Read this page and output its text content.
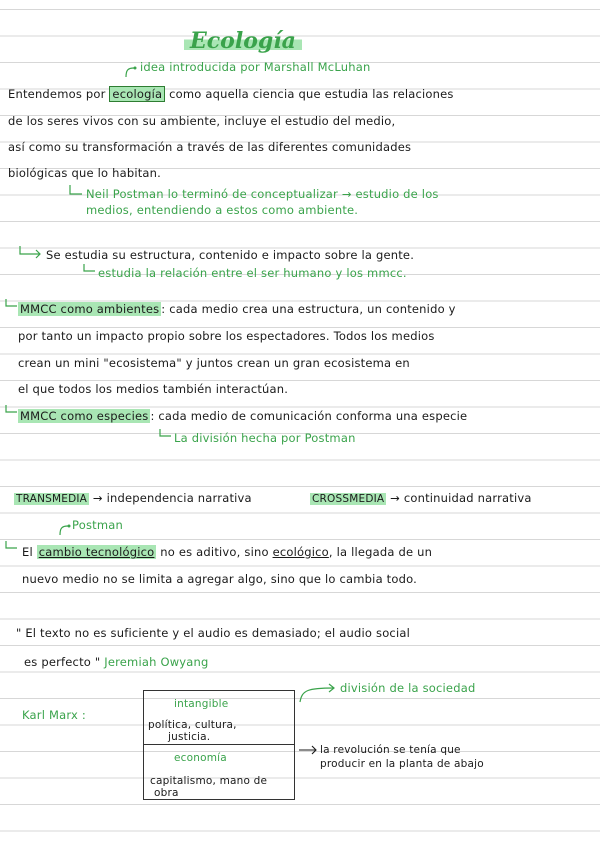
Ecología
idea introducida por Marshall McLuhan
Entendemos por ecología como aquella ciencia que estudia las relaciones
de los seres vivos con su ambiente, incluye el estudio del medio,
así como su transformación a través de las diferentes comunidades
biológicas que lo habitan.
Neil Postman lo terminó de conceptualizar → estudio de los
medios, entendiendo a estos como ambiente.
Se estudia su estructura, contenido e impacto sobre la gente.
estudia la relación entre el ser humano y los mmcc.
MMCC como ambientes : cada medio crea una estructura, un contenido y
por tanto un impacto propio sobre los espectadores. Todos los medios
crean un mini "ecosistema" y juntos crean un gran ecosistema en
el que todos los medios también interactúan.
MMCC como especies : cada medio de comunicación conforma una especie
La división hecha por Postman
TRANSMEDIA → independencia narrativa	CROSSMEDIA → continuidad narrativa
Postman
El cambio tecnológico no es aditivo, sino ecológico, la llegada de un
nuevo medio no se limita a agregar algo, sino que lo cambia todo.
" El texto no es suficiente y el audio es demasiado; el audio social
es perfecto " Jeremiah Owyang
Karl Marx :
división de la sociedad
intangible
política, cultura,
justicia.
economía
capitalismo, mano de
obra
la revolución se tenía que
producir en la planta de abajo
